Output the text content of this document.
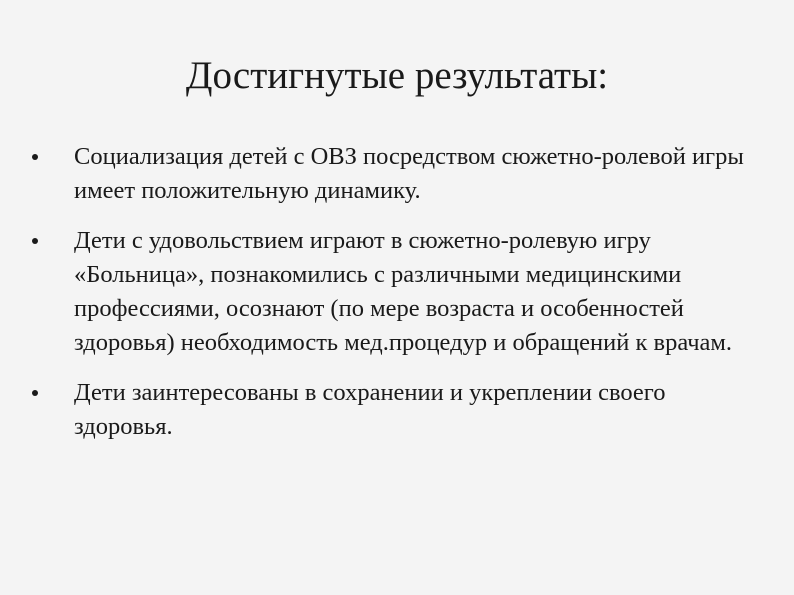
Достигнутые результаты:
Социализация детей с ОВЗ посредством сюжетно-ролевой игры имеет положительную динамику.
Дети с удовольствием играют в сюжетно-ролевую игру «Больница», познакомились с различными медицинскими профессиями, осознают (по мере возраста и особенностей здоровья) необходимость мед.процедур и обращений к врачам.
Дети заинтересованы в сохранении и укреплении своего здоровья.
